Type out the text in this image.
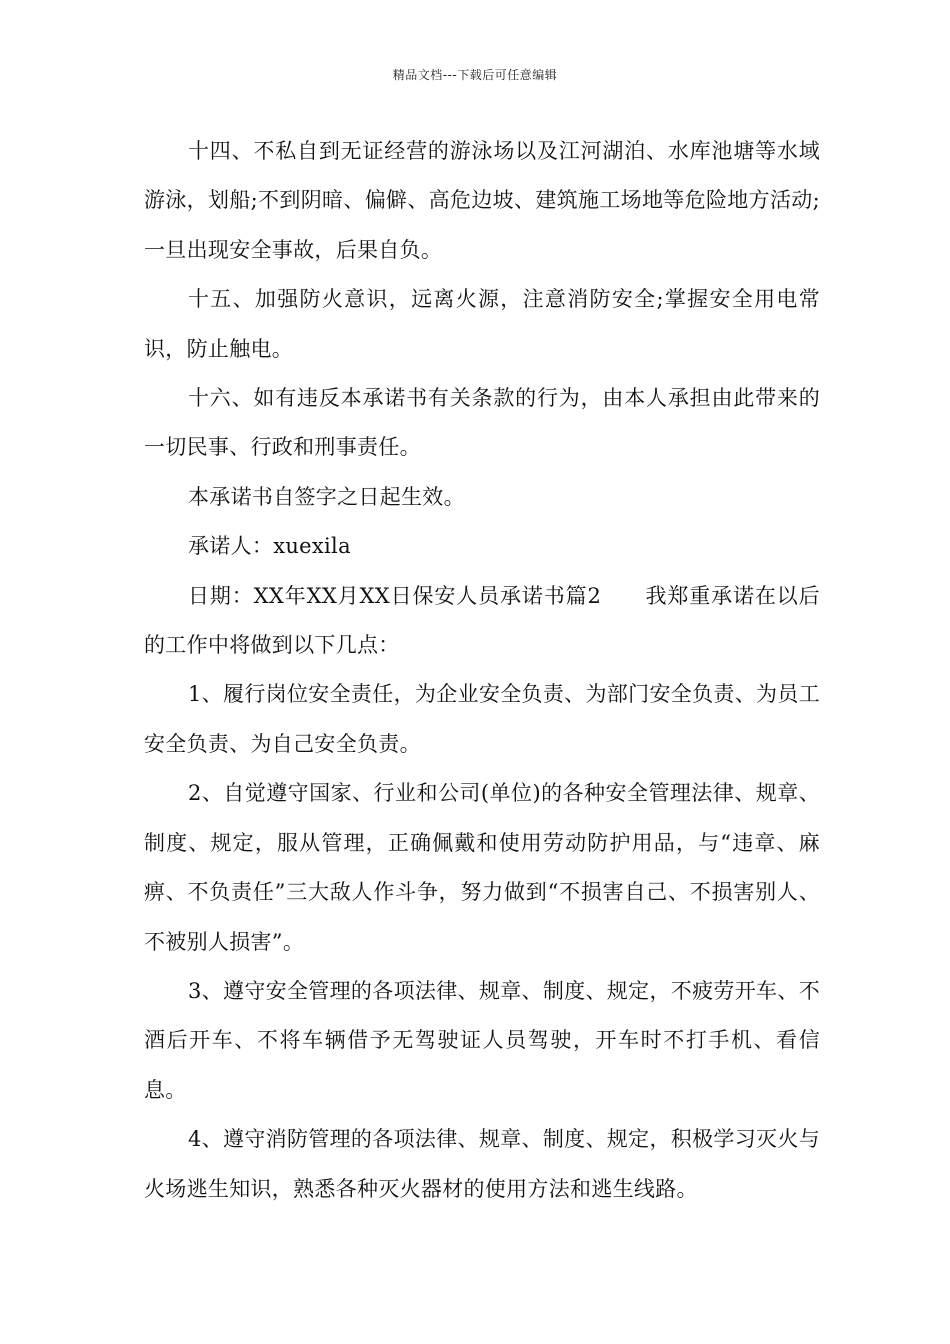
精品文档---下载后可任意编辑

十四、不私自到无证经营的游泳场以及江河湖泊、水库池塘等水域游泳，划船;不到阴暗、偏僻、高危边坡、建筑施工场地等危险地方活动;一旦出现安全事故，后果自负。

十五、加强防火意识，远离火源，注意消防安全;掌握安全用电常识，防止触电。

十六、如有违反本承诺书有关条款的行为，由本人承担由此带来的一切民事、行政和刑事责任。

本承诺书自签字之日起生效。

承诺人：xuexila

日期：XX年XX月XX日保安人员承诺书篇2　　我郑重承诺在以后的工作中将做到以下几点：

1、履行岗位安全责任，为企业安全负责、为部门安全负责、为员工安全负责、为自己安全负责。

2、自觉遵守国家、行业和公司(单位)的各种安全管理法律、规章、制度、规定，服从管理，正确佩戴和使用劳动防护用品，与“违章、麻痹、不负责任”三大敌人作斗争，努力做到“不损害自己、不损害别人、不被别人损害”。

3、遵守安全管理的各项法律、规章、制度、规定，不疲劳开车、不酒后开车、不将车辆借予无驾驶证人员驾驶，开车时不打手机、看信息。

4、遵守消防管理的各项法律、规章、制度、规定，积极学习灭火与火场逃生知识，熟悉各种灭火器材的使用方法和逃生线路。
